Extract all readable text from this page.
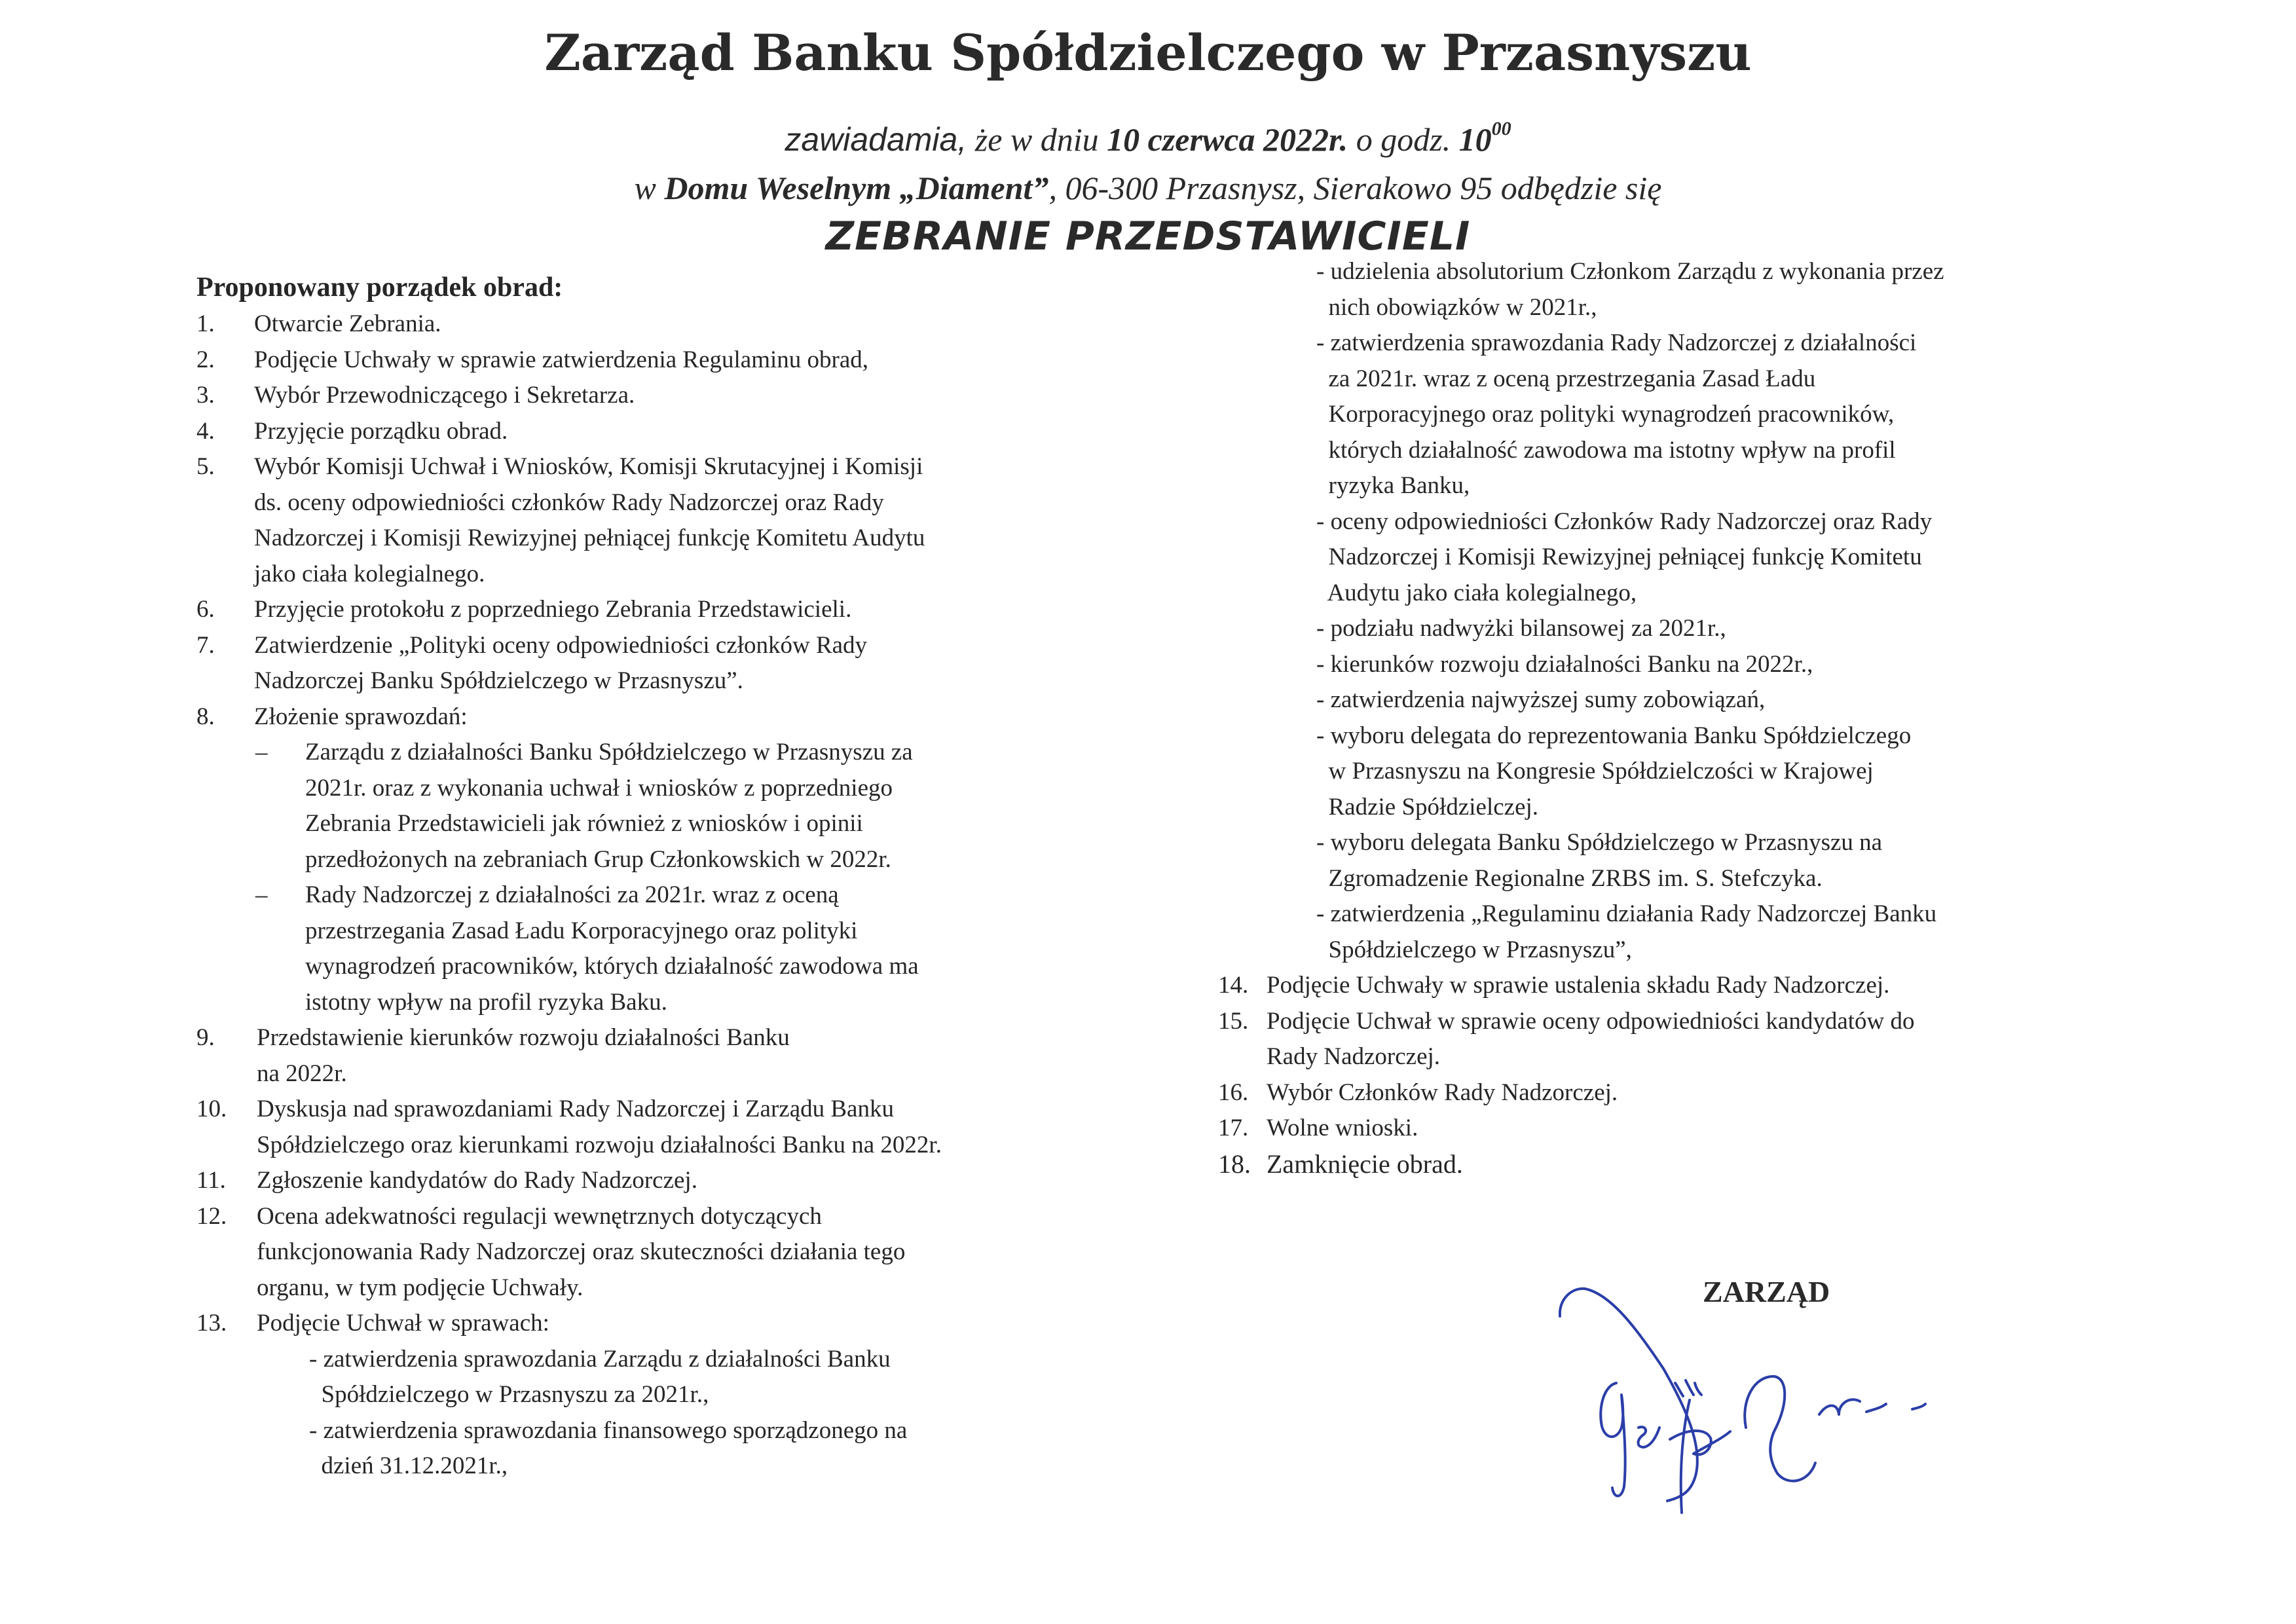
Zarząd Banku Spółdzielczego w Przasnyszu
zawiadamia, że w dniu 10 czerwca 2022r. o godz. $10^{00}$
w Domu Weselnym „Diament”, 06-300 Przasnysz, Sierakowo 95 odbędzie się
ZEBRANIE PRZEDSTAWICIELI
Proponowany porządek obrad:
1.	Otwarcie Zebrania.
2.	Podjęcie Uchwały w sprawie zatwierdzenia Regulaminu obrad,
3.	Wybór Przewodniczącego i Sekretarza.
4.	Przyjęcie porządku obrad.
5.	Wybór Komisji Uchwał i Wniosków, Komisji Skrutacyjnej i Komisji
ds. oceny odpowiedniości członków Rady Nadzorczej oraz Rady
Nadzorczej i Komisji Rewizyjnej pełniącej funkcję Komitetu Audytu
jako ciała kolegialnego.
6.	Przyjęcie protokołu z poprzedniego Zebrania Przedstawicieli.
7.	Zatwierdzenie „Polityki oceny odpowiedniości członków Rady
Nadzorczej Banku Spółdzielczego w Przasnyszu”.
8.	Złożenie sprawozdań:
–	Zarządu z działalności Banku Spółdzielczego w Przasnyszu za
2021r. oraz z wykonania uchwał i wniosków z poprzedniego
Zebrania Przedstawicieli jak również z wniosków i opinii
przedłożonych na zebraniach Grup Członkowskich w 2022r.
–	Rady Nadzorczej z działalności za 2021r. wraz z oceną
przestrzegania Zasad Ładu Korporacyjnego oraz polityki
wynagrodzeń pracowników, których działalność zawodowa ma
istotny wpływ na profil ryzyka Baku.
9.	Przedstawienie kierunków rozwoju działalności Banku
na 2022r.
10.	Dyskusja nad sprawozdaniami Rady Nadzorczej i Zarządu Banku
Spółdzielczego oraz kierunkami rozwoju działalności Banku na 2022r.
11.	Zgłoszenie kandydatów do Rady Nadzorczej.
12.	Ocena adekwatności regulacji wewnętrznych dotyczących
funkcjonowania Rady Nadzorczej oraz skuteczności działania tego
organu, w tym podjęcie Uchwały.
13.	Podjęcie Uchwał w sprawach:
- zatwierdzenia sprawozdania Zarządu z działalności Banku
Spółdzielczego w Przasnyszu za 2021r.,
- zatwierdzenia sprawozdania finansowego sporządzonego na
dzień 31.12.2021r.,
- udzielenia absolutorium Członkom Zarządu z wykonania przez
nich obowiązków w 2021r.,
- zatwierdzenia sprawozdania Rady Nadzorczej z działalności
za 2021r. wraz z oceną przestrzegania Zasad Ładu
Korporacyjnego oraz polityki wynagrodzeń pracowników,
których działalność zawodowa ma istotny wpływ na profil
ryzyka Banku,
- oceny odpowiedniości Członków Rady Nadzorczej oraz Rady
Nadzorczej i Komisji Rewizyjnej pełniącej funkcję Komitetu
Audytu jako ciała kolegialnego,
- podziału nadwyżki bilansowej za 2021r.,
- kierunków rozwoju działalności Banku na 2022r.,
- zatwierdzenia najwyższej sumy zobowiązań,
- wyboru delegata do reprezentowania Banku Spółdzielczego
w Przasnyszu na Kongresie Spółdzielczości w Krajowej
Radzie Spółdzielczej.
- wyboru delegata Banku Spółdzielczego w Przasnyszu na
Zgromadzenie Regionalne ZRBS im. S. Stefczyka.
- zatwierdzenia „Regulaminu działania Rady Nadzorczej Banku
Spółdzielczego w Przasnyszu”,
14. Podjęcie Uchwały w sprawie ustalenia składu Rady Nadzorczej.
15. Podjęcie Uchwał w sprawie oceny odpowiedniości kandydatów do
Rady Nadzorczej.
16. Wybór Członków Rady Nadzorczej.
17. Wolne wnioski.
18. Zamknięcie obrad.
ZARZĄD
